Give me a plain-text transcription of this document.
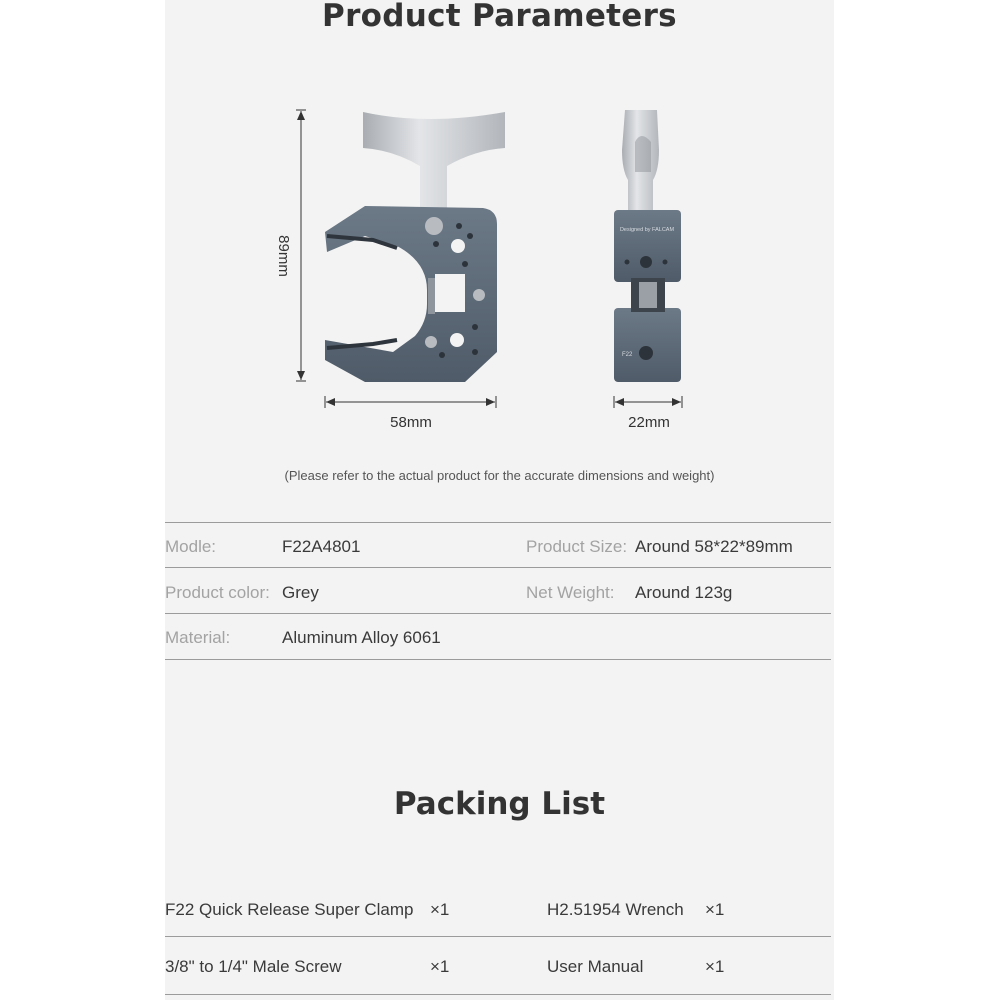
Product Parameters
89mm
58mm
Designed by FALCAM
F22
22mm
(Please refer to the actual product for the accurate dimensions and weight)
Modle:	F22A4801	Product Size: Around 58*22*89mm
Product color: Grey	Net Weight: Around 123g
Material:	Aluminum Alloy 6061
Packing List
F22 Quick Release Super Clamp ×1	H2.51954 Wrench ×1
3/8" to 1/4" Male Screw	×1	User Manual	×1
